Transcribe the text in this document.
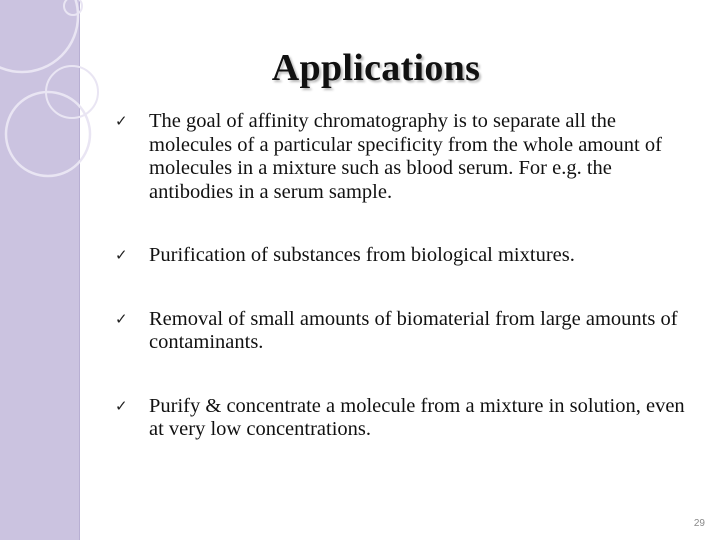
Applications
✓	The goal of affinity chromatography is to separate all the molecules of a particular specificity from the whole amount of molecules in a mixture such as blood serum. For e.g. the antibodies in a serum sample.
✓	Purification of substances from biological mixtures.
✓	Removal of small amounts of biomaterial from large amounts of contaminants.
✓	Purify & concentrate a molecule from a mixture in solution, even at very low concentrations.
29
